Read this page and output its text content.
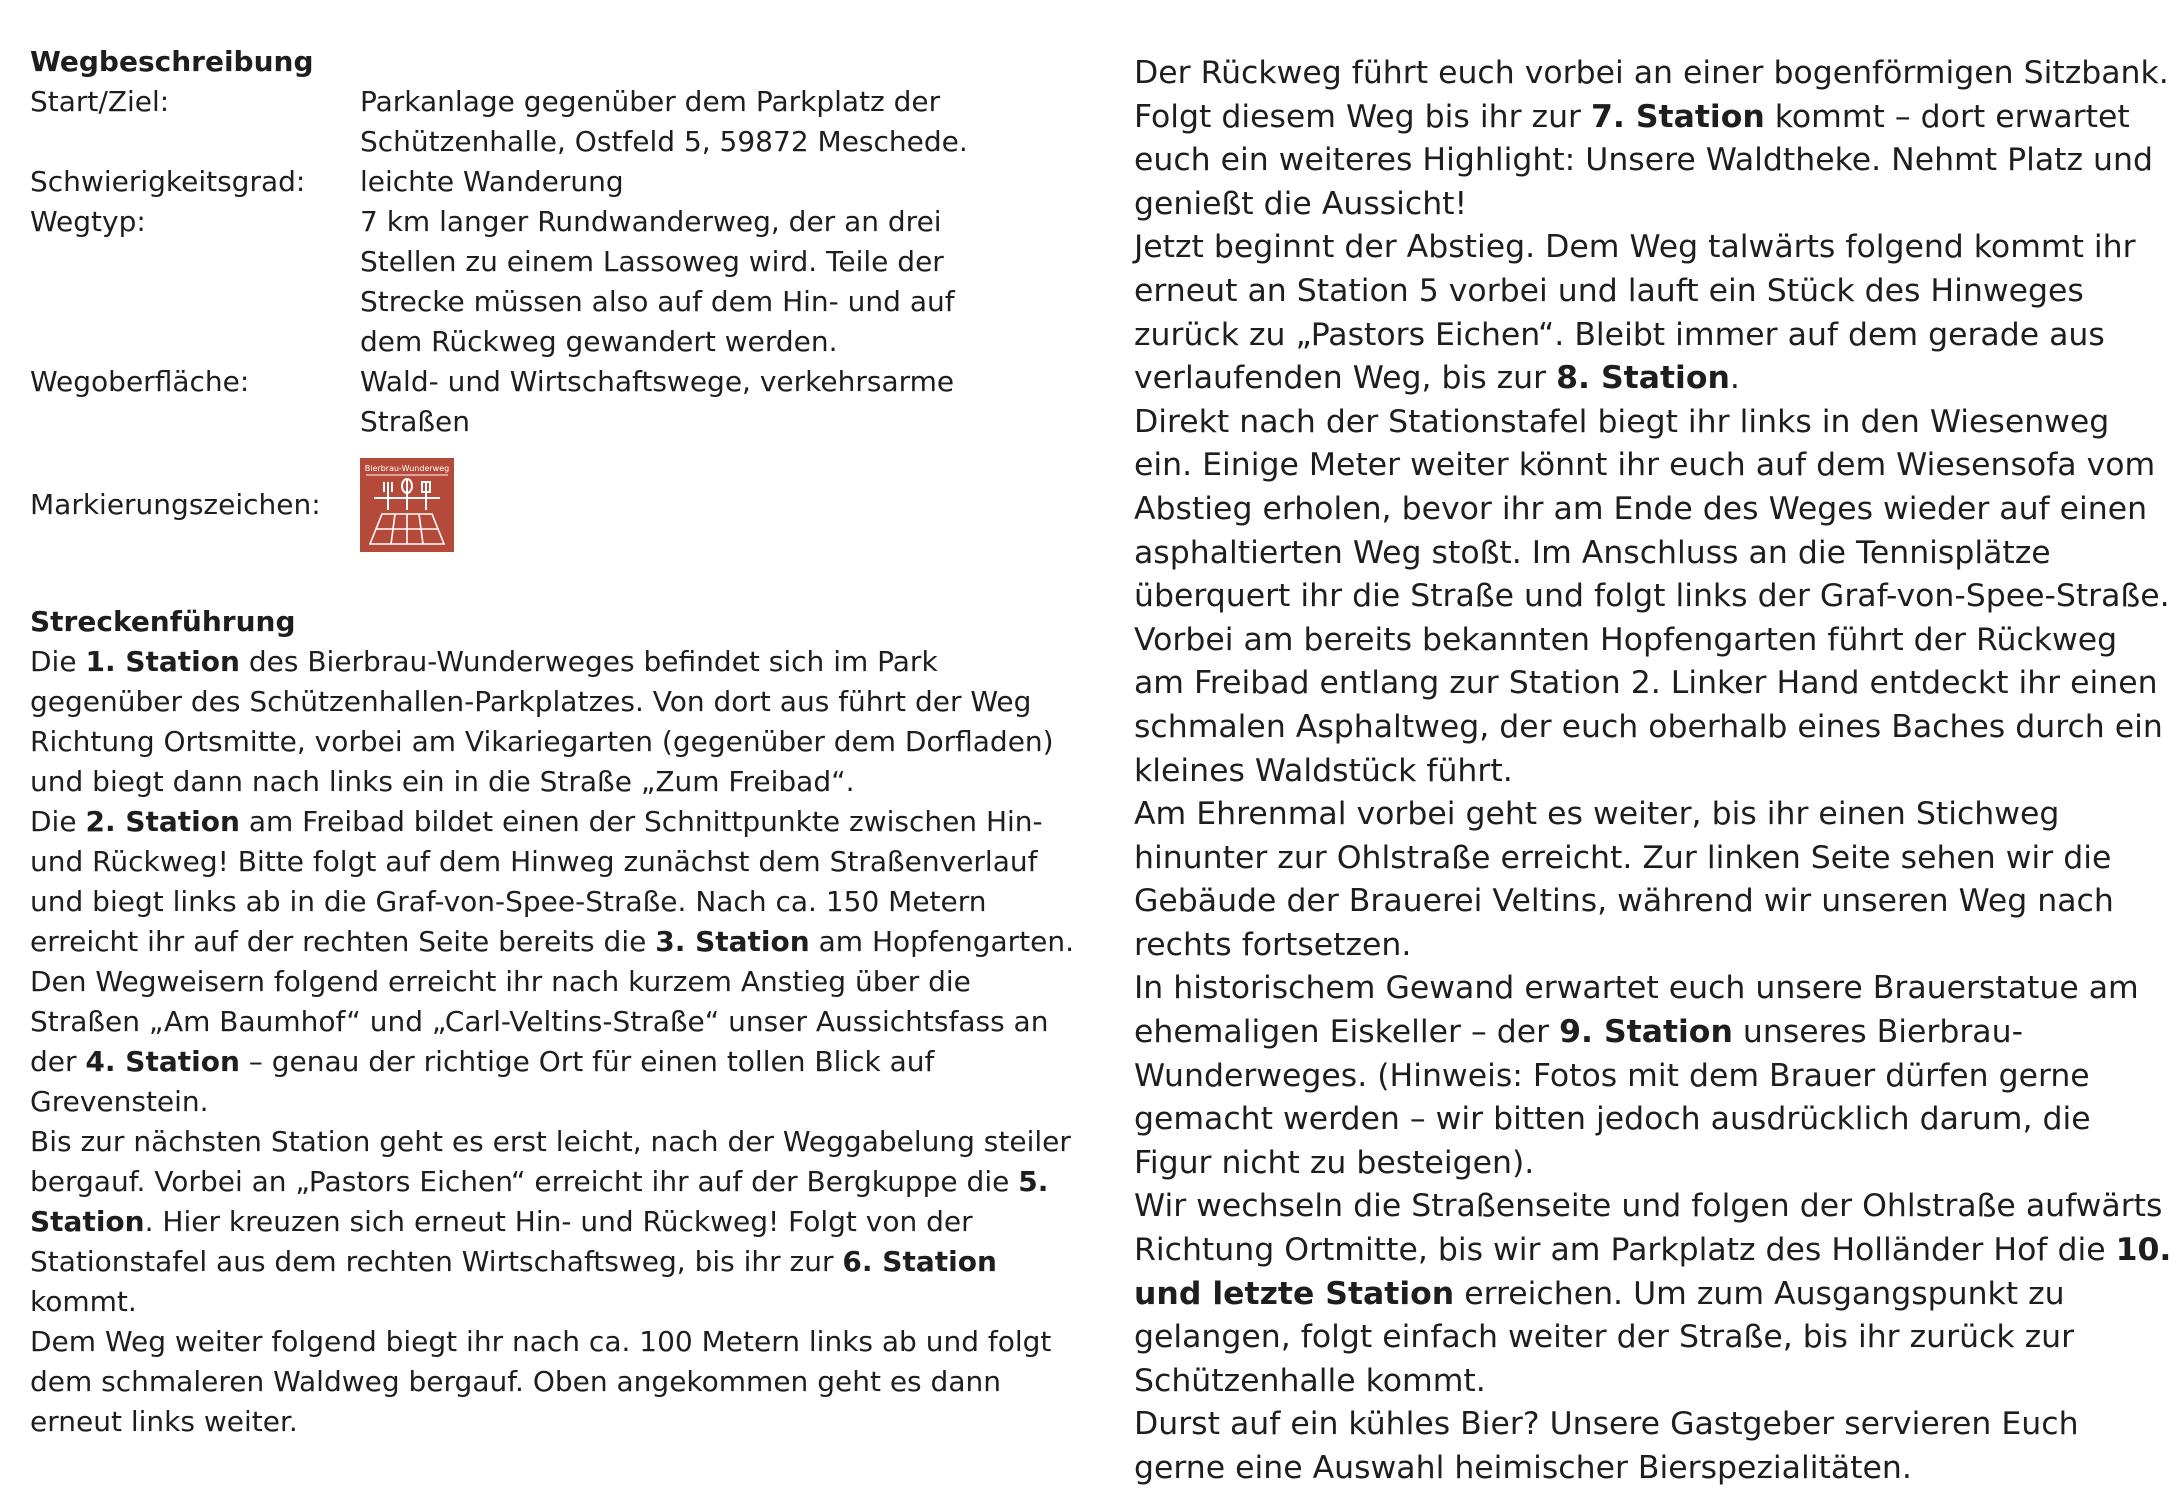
Wegbeschreibung

Start/Ziel:	Parkanlage gegenüber dem Parkplatz der
Schützenhalle, Ostfeld 5, 59872 Meschede.
Schwierigkeitsgrad:	leichte Wanderung
Wegtyp:	7 km langer Rundwanderweg, der an drei
Stellen zu einem Lassoweg wird. Teile der
Strecke müssen also auf dem Hin- und auf
dem Rückweg gewandert werden.
Wegoberfläche:	Wald- und Wirtschaftswege, verkehrsarme
Straßen
Markierungszeichen:
Bierbrau-Wunderweg

Streckenführung

Die 1. Station des Bierbrau-Wunderweges befindet sich im Park
gegenüber des Schützenhallen-Parkplatzes. Von dort aus führt der Weg
Richtung Ortsmitte, vorbei am Vikariegarten (gegenüber dem Dorfladen)
und biegt dann nach links ein in die Straße „Zum Freibad“.
Die 2. Station am Freibad bildet einen der Schnittpunkte zwischen Hin-
und Rückweg! Bitte folgt auf dem Hinweg zunächst dem Straßenverlauf
und biegt links ab in die Graf-von-Spee-Straße. Nach ca. 150 Metern
erreicht ihr auf der rechten Seite bereits die 3. Station am Hopfengarten.
Den Wegweisern folgend erreicht ihr nach kurzem Anstieg über die
Straßen „Am Baumhof“ und „Carl-Veltins-Straße“ unser Aussichtsfass an
der 4. Station – genau der richtige Ort für einen tollen Blick auf
Grevenstein.
Bis zur nächsten Station geht es erst leicht, nach der Weggabelung steiler
bergauf. Vorbei an „Pastors Eichen“ erreicht ihr auf der Bergkuppe die 5.
Station. Hier kreuzen sich erneut Hin- und Rückweg! Folgt von der
Stationstafel aus dem rechten Wirtschaftsweg, bis ihr zur 6. Station
kommt.
Dem Weg weiter folgend biegt ihr nach ca. 100 Metern links ab und folgt
dem schmaleren Waldweg bergauf. Oben angekommen geht es dann
erneut links weiter.
Der Rückweg führt euch vorbei an einer bogenförmigen Sitzbank.
Folgt diesem Weg bis ihr zur 7. Station kommt – dort erwartet
euch ein weiteres Highlight: Unsere Waldtheke. Nehmt Platz und
genießt die Aussicht!
Jetzt beginnt der Abstieg. Dem Weg talwärts folgend kommt ihr
erneut an Station 5 vorbei und lauft ein Stück des Hinweges
zurück zu „Pastors Eichen“. Bleibt immer auf dem gerade aus
verlaufenden Weg, bis zur 8. Station.
Direkt nach der Stationstafel biegt ihr links in den Wiesenweg
ein. Einige Meter weiter könnt ihr euch auf dem Wiesensofa vom
Abstieg erholen, bevor ihr am Ende des Weges wieder auf einen
asphaltierten Weg stoßt. Im Anschluss an die Tennisplätze
überquert ihr die Straße und folgt links der Graf-von-Spee-Straße.
Vorbei am bereits bekannten Hopfengarten führt der Rückweg
am Freibad entlang zur Station 2. Linker Hand entdeckt ihr einen
schmalen Asphaltweg, der euch oberhalb eines Baches durch ein
kleines Waldstück führt.
Am Ehrenmal vorbei geht es weiter, bis ihr einen Stichweg
hinunter zur Ohlstraße erreicht. Zur linken Seite sehen wir die
Gebäude der Brauerei Veltins, während wir unseren Weg nach
rechts fortsetzen.
In historischem Gewand erwartet euch unsere Brauerstatue am
ehemaligen Eiskeller – der 9. Station unseres Bierbrau-
Wunderweges. (Hinweis: Fotos mit dem Brauer dürfen gerne
gemacht werden – wir bitten jedoch ausdrücklich darum, die
Figur nicht zu besteigen).
Wir wechseln die Straßenseite und folgen der Ohlstraße aufwärts
Richtung Ortmitte, bis wir am Parkplatz des Holländer Hof die 10.
und letzte Station erreichen. Um zum Ausgangspunkt zu
gelangen, folgt einfach weiter der Straße, bis ihr zurück zur
Schützenhalle kommt.
Durst auf ein kühles Bier? Unsere Gastgeber servieren Euch
gerne eine Auswahl heimischer Bierspezialitäten.
